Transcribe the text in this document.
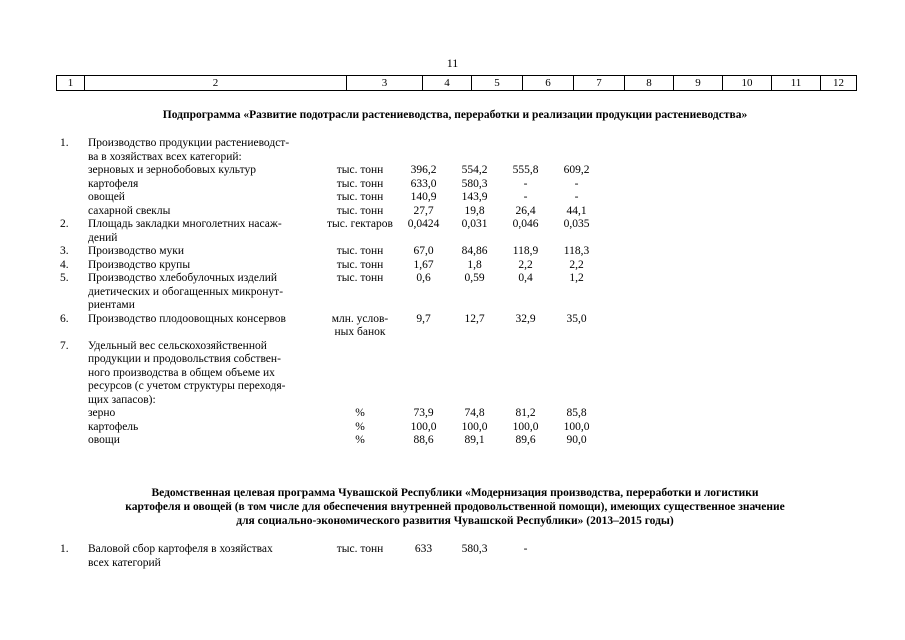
11
1	2	3	4	5	6	7	8	9	10	11	12
Подпрограмма «Развитие подотрасли растениеводства, переработки и реализации продукции растениеводства»
1.	Производство продукции растениеводст-					
	ва в хозяйствах всех категорий:					
	зерновых и зернобобовых культур	тыс. тонн	396,2	554,2	555,8	609,2
	картофеля	тыс. тонн	633,0	580,3	-	-
	овощей	тыс. тонн	140,9	143,9	-	-
	сахарной свеклы	тыс. тонн	27,7	19,8	26,4	44,1
2.	Площадь закладки многолетних насаж-	тыс. гектаров	0,0424	0,031	0,046	0,035
	дений					
3.	Производство муки	тыс. тонн	67,0	84,86	118,9	118,3
4.	Производство крупы	тыс. тонн	1,67	1,8	2,2	2,2
5.	Производство хлебобулочных изделий	тыс. тонн	0,6	0,59	0,4	1,2
	диетических и обогащенных микронут-					
	риентами					
6.	Производство плодоовощных консервов	млн. услов-	9,7	12,7	32,9	35,0
		ных банок				
7.	Удельный вес сельскохозяйственной					
	продукции и продовольствия собствен-					
	ного производства в общем объеме их					
	ресурсов (с учетом структуры переходя-					
	щих запасов):					
	зерно	%	73,9	74,8	81,2	85,8
	картофель	%	100,0	100,0	100,0	100,0
	овощи	%	88,6	89,1	89,6	90,0
Ведомственная целевая программа Чувашской Республики «Модернизация производства, переработки и логистики
картофеля и овощей (в том числе для обеспечения внутренней продовольственной помощи), имеющих существенное значение
для социально-экономического развития Чувашской Республики» (2013–2015 годы)
1.	Валовой сбор картофеля в хозяйствах	тыс. тонн	633	580,3	-	
	всех категорий					
